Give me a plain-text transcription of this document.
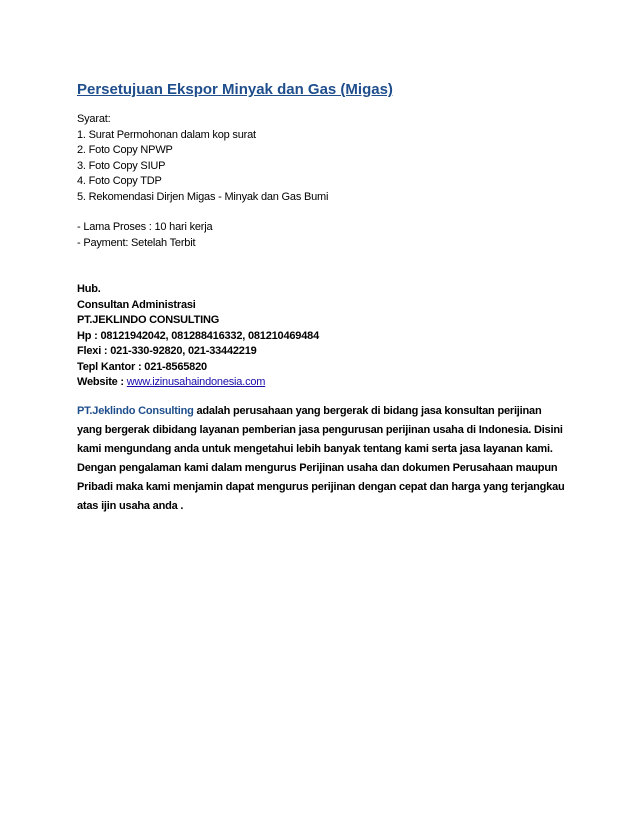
Persetujuan Ekspor Minyak dan Gas (Migas)
Syarat:
1. Surat Permohonan dalam kop surat
2. Foto Copy NPWP
3. Foto Copy SIUP
4. Foto Copy TDP
5. Rekomendasi Dirjen Migas - Minyak dan Gas Bumi
- Lama Proses : 10 hari kerja
- Payment: Setelah Terbit
Hub.
Consultan Administrasi
PT.JEKLINDO CONSULTING
Hp : 08121942042, 081288416332, 081210469484
Flexi : 021-330-92820, 021-33442219
Tepl Kantor : 021-8565820
Website : www.izinusahaindonesia.com
PT.Jeklindo Consulting adalah perusahaan yang bergerak di bidang jasa konsultan perijinan yang bergerak dibidang layanan pemberian jasa pengurusan perijinan usaha di Indonesia. Disini kami mengundang anda untuk mengetahui lebih banyak tentang kami serta jasa layanan kami. Dengan pengalaman kami dalam mengurus Perijinan usaha dan dokumen Perusahaan maupun Pribadi maka kami menjamin dapat mengurus perijinan dengan cepat dan harga yang terjangkau atas ijin usaha anda .
